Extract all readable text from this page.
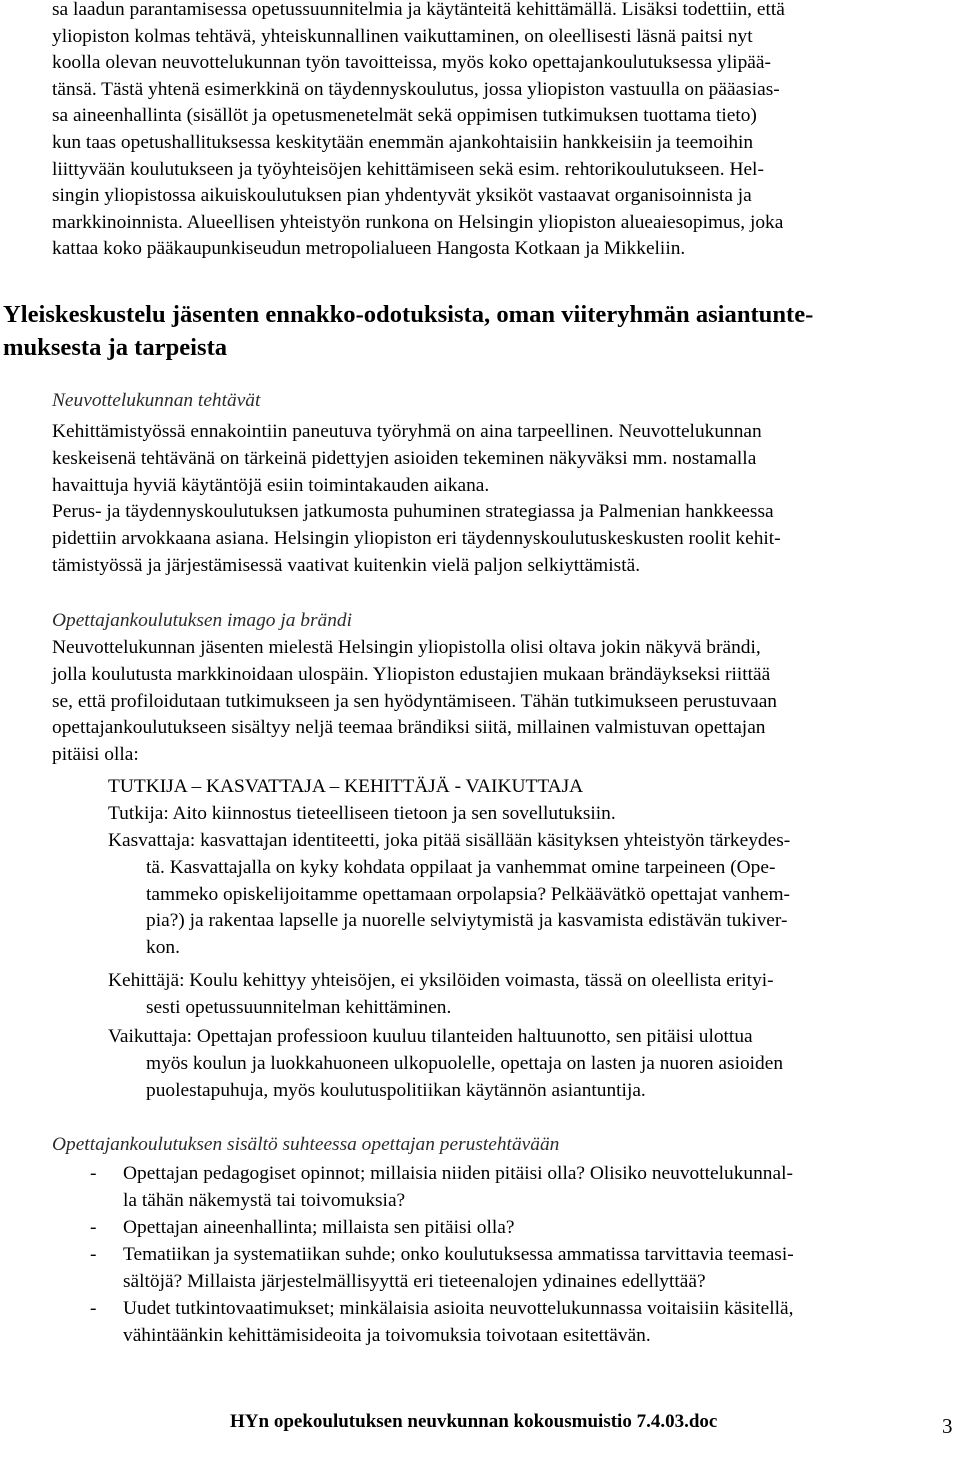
sa laadun parantamisessa opetussuunnitelmia ja käytänteitä kehittämällä. Lisäksi todettiin, että
yliopiston kolmas tehtävä, yhteiskunnallinen vaikuttaminen, on oleellisesti läsnä paitsi nyt
koolla olevan neuvottelukunnan työn tavoitteissa, myös koko opettajankoulutuksessa ylipää-
tänsä. Tästä yhtenä esimerkkinä on täydennyskoulutus, jossa yliopiston vastuulla on pääasias-
sa aineenhallinta (sisällöt ja opetusmenetelmät sekä oppimisen tutkimuksen tuottama tieto)
kun taas opetushallituksessa keskitytään enemmän ajankohtaisiin hankkeisiin ja teemoihin
liittyvään koulutukseen ja työyhteisöjen kehittämiseen sekä esim. rehtorikoulutukseen. Hel-
singin yliopistossa aikuiskoulutuksen pian yhdentyvät yksiköt vastaavat organisoinnista ja
markkinoinnista. Alueellisen yhteistyön runkona on Helsingin yliopiston alueaiesopimus, joka
kattaa koko pääkaupunkiseudun metropolialueen Hangosta Kotkaan ja Mikkeliin.

Yleiskeskustelu jäsenten ennakko-odotuksista, oman viiteryhmän asiantunte-
muksesta ja tarpeista
Neuvottelukunnan tehtävät
Kehittämistyössä ennakointiin paneutuva työryhmä on aina tarpeellinen. Neuvottelukunnan
keskeisenä tehtävänä on tärkeinä pidettyjen asioiden tekeminen näkyväksi mm. nostamalla
havaittuja hyviä käytäntöjä esiin toimintakauden aikana.
Perus- ja täydennyskoulutuksen jatkumosta puhuminen strategiassa ja Palmenian hankkeessa
pidettiin arvokkaana asiana. Helsingin yliopiston eri täydennyskoulutuskeskusten roolit kehit-
tämistyössä ja järjestämisessä vaativat kuitenkin vielä paljon selkiyttämistä.
Opettajankoulutuksen imago ja brändi
Neuvottelukunnan jäsenten mielestä Helsingin yliopistolla olisi oltava jokin näkyvä brändi,
jolla koulutusta markkinoidaan ulospäin. Yliopiston edustajien mukaan brändäykseksi riittää
se, että profiloidutaan tutkimukseen ja sen hyödyntämiseen. Tähän tutkimukseen perustuvaan
opettajankoulutukseen sisältyy neljä teemaa brändiksi siitä, millainen valmistuvan opettajan
pitäisi olla:
TUTKIJA – KASVATTAJA – KEHITTÄJÄ - VAIKUTTAJA
Tutkija: Aito kiinnostus tieteelliseen tietoon ja sen sovellutuksiin.
Kasvattaja: kasvattajan identiteetti, joka pitää sisällään käsityksen yhteistyön tärkeydes-
tä. Kasvattajalla on kyky kohdata oppilaat ja vanhemmat omine tarpeineen (Ope-
tammeko opiskelijoitamme opettamaan orpolapsia? Pelkäävätkö opettajat vanhem-
pia?) ja rakentaa lapselle ja nuorelle selviytymistä ja kasvamista edistävän tukiver-
kon.
Kehittäjä: Koulu kehittyy yhteisöjen, ei yksilöiden voimasta, tässä on oleellista erityi-
sesti opetussuunnitelman kehittäminen.
Vaikuttaja: Opettajan professioon kuuluu tilanteiden haltuunotto, sen pitäisi ulottua
myös koulun ja luokkahuoneen ulkopuolelle, opettaja on lasten ja nuoren asioiden
puolestapuhuja, myös koulutuspolitiikan käytännön asiantuntija.
Opettajankoulutuksen sisältö suhteessa opettajan perustehtävään
- Opettajan pedagogiset opinnot; millaisia niiden pitäisi olla? Olisiko neuvottelukunnal-
la tähän näkemystä tai toivomuksia?
- Opettajan aineenhallinta; millaista sen pitäisi olla?
- Tematiikan ja systematiikan suhde; onko koulutuksessa ammatissa tarvittavia teemasi-
sältöjä? Millaista järjestelmällisyyttä eri tieteenalojen ydinaines edellyttää?
- Uudet tutkintovaatimukset; minkälaisia asioita neuvottelukunnassa voitaisiin käsitellä,
vähintäänkin kehittämisideoita ja toivomuksia toivotaan esitettävän.
HYn opekoulutuksen neuvkunnan kokousmuistio 7.4.03.doc	3
